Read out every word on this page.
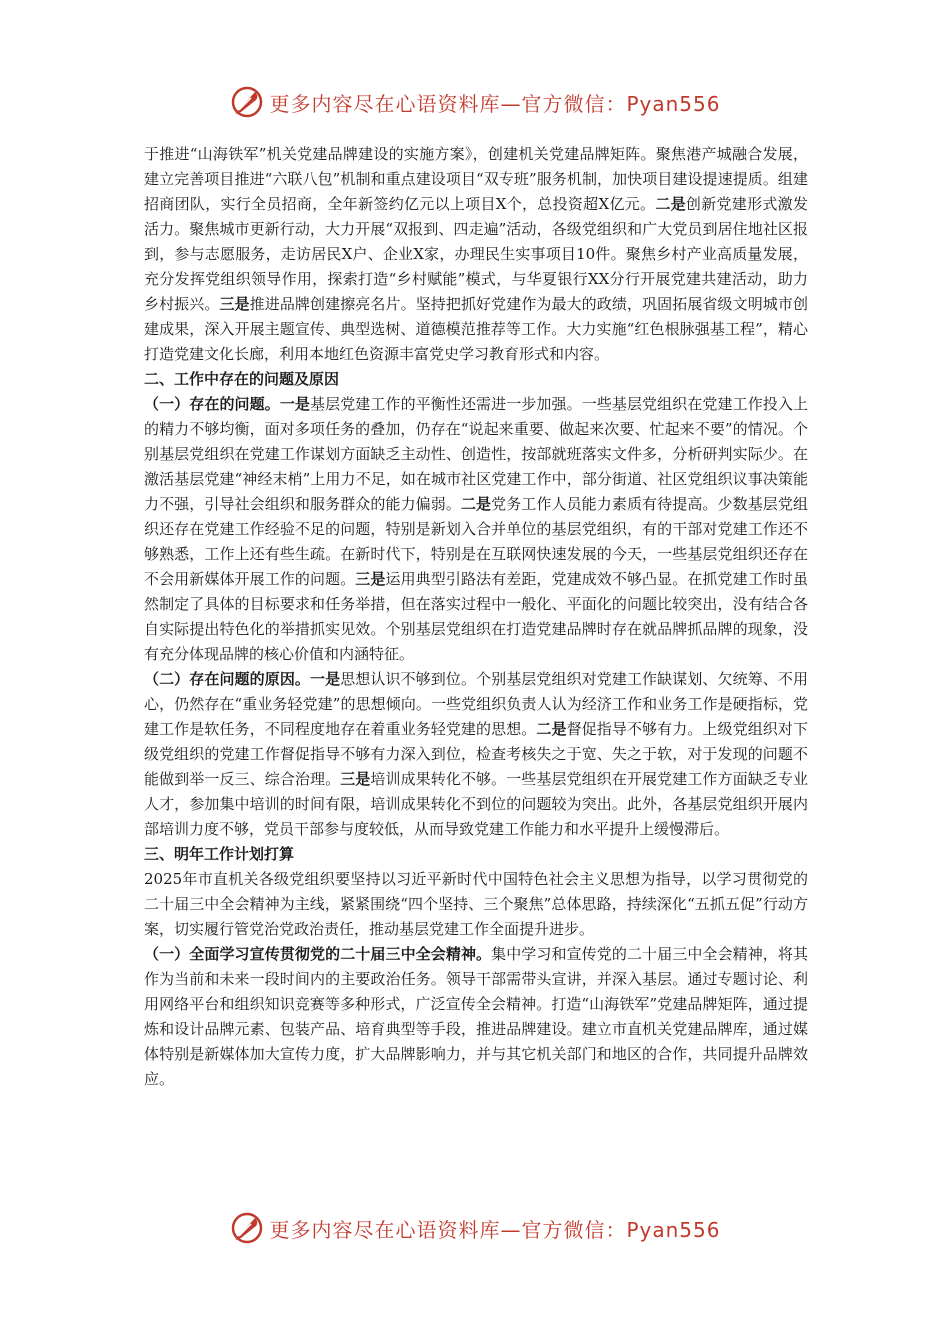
更多内容尽在心语资料库—官方微信：Pyan556

于推进“山海铁军”机关党建品牌建设的实施方案》，创建机关党建品牌矩阵。聚焦港产城融合发展，建立完善项目推进“六联八包”机制和重点建设项目“双专班”服务机制，加快项目建设提速提质。组建招商团队，实行全员招商，全年新签约亿元以上项目X个，总投资超X亿元。二是创新党建形式激发活力。聚焦城市更新行动，大力开展“双报到、四走遍”活动，各级党组织和广大党员到居住地社区报到，参与志愿服务，走访居民X户、企业X家，办理民生实事项目10件。聚焦乡村产业高质量发展，充分发挥党组织领导作用，探索打造“乡村赋能”模式，与华夏银行XX分行开展党建共建活动，助力乡村振兴。三是推进品牌创建擦亮名片。坚持把抓好党建作为最大的政绩，巩固拓展省级文明城市创建成果，深入开展主题宣传、典型选树、道德模范推荐等工作。大力实施“红色根脉强基工程”，精心打造党建文化长廊，利用本地红色资源丰富党史学习教育形式和内容。

二、工作中存在的问题及原因

（一）存在的问题。一是基层党建工作的平衡性还需进一步加强。一些基层党组织在党建工作投入上的精力不够均衡，面对多项任务的叠加，仍存在“说起来重要、做起来次要、忙起来不要”的情况。个别基层党组织在党建工作谋划方面缺乏主动性、创造性，按部就班落实文件多，分析研判实际少。在激活基层党建“神经末梢”上用力不足，如在城市社区党建工作中，部分街道、社区党组织议事决策能力不强，引导社会组织和服务群众的能力偏弱。二是党务工作人员能力素质有待提高。少数基层党组织还存在党建工作经验不足的问题，特别是新划入合并单位的基层党组织，有的干部对党建工作还不够熟悉，工作上还有些生疏。在新时代下，特别是在互联网快速发展的今天，一些基层党组织还存在不会用新媒体开展工作的问题。三是运用典型引路法有差距，党建成效不够凸显。在抓党建工作时虽然制定了具体的目标要求和任务举措，但在落实过程中一般化、平面化的问题比较突出，没有结合各自实际提出特色化的举措抓实见效。个别基层党组织在打造党建品牌时存在就品牌抓品牌的现象，没有充分体现品牌的核心价值和内涵特征。

（二）存在问题的原因。一是思想认识不够到位。个别基层党组织对党建工作缺谋划、欠统筹、不用心，仍然存在“重业务轻党建”的思想倾向。一些党组织负责人认为经济工作和业务工作是硬指标，党建工作是软任务，不同程度地存在着重业务轻党建的思想。二是督促指导不够有力。上级党组织对下级党组织的党建工作督促指导不够有力深入到位，检查考核失之于宽、失之于软，对于发现的问题不能做到举一反三、综合治理。三是培训成果转化不够。一些基层党组织在开展党建工作方面缺乏专业人才，参加集中培训的时间有限，培训成果转化不到位的问题较为突出。此外，各基层党组织开展内部培训力度不够，党员干部参与度较低，从而导致党建工作能力和水平提升上缓慢滞后。

三、明年工作计划打算

2025年市直机关各级党组织要坚持以习近平新时代中国特色社会主义思想为指导，以学习贯彻党的二十届三中全会精神为主线，紧紧围绕“四个坚持、三个聚焦”总体思路，持续深化“五抓五促”行动方案，切实履行管党治党政治责任，推动基层党建工作全面提升进步。

（一）全面学习宣传贯彻党的二十届三中全会精神。集中学习和宣传党的二十届三中全会精神，将其作为当前和未来一段时间内的主要政治任务。领导干部需带头宣讲，并深入基层。通过专题讨论、利用网络平台和组织知识竞赛等多种形式，广泛宣传全会精神。打造“山海铁军”党建品牌矩阵，通过提炼和设计品牌元素、包装产品、培育典型等手段，推进品牌建设。建立市直机关党建品牌库，通过媒体特别是新媒体加大宣传力度，扩大品牌影响力，并与其它机关部门和地区的合作，共同提升品牌效应。

更多内容尽在心语资料库—官方微信：Pyan556
